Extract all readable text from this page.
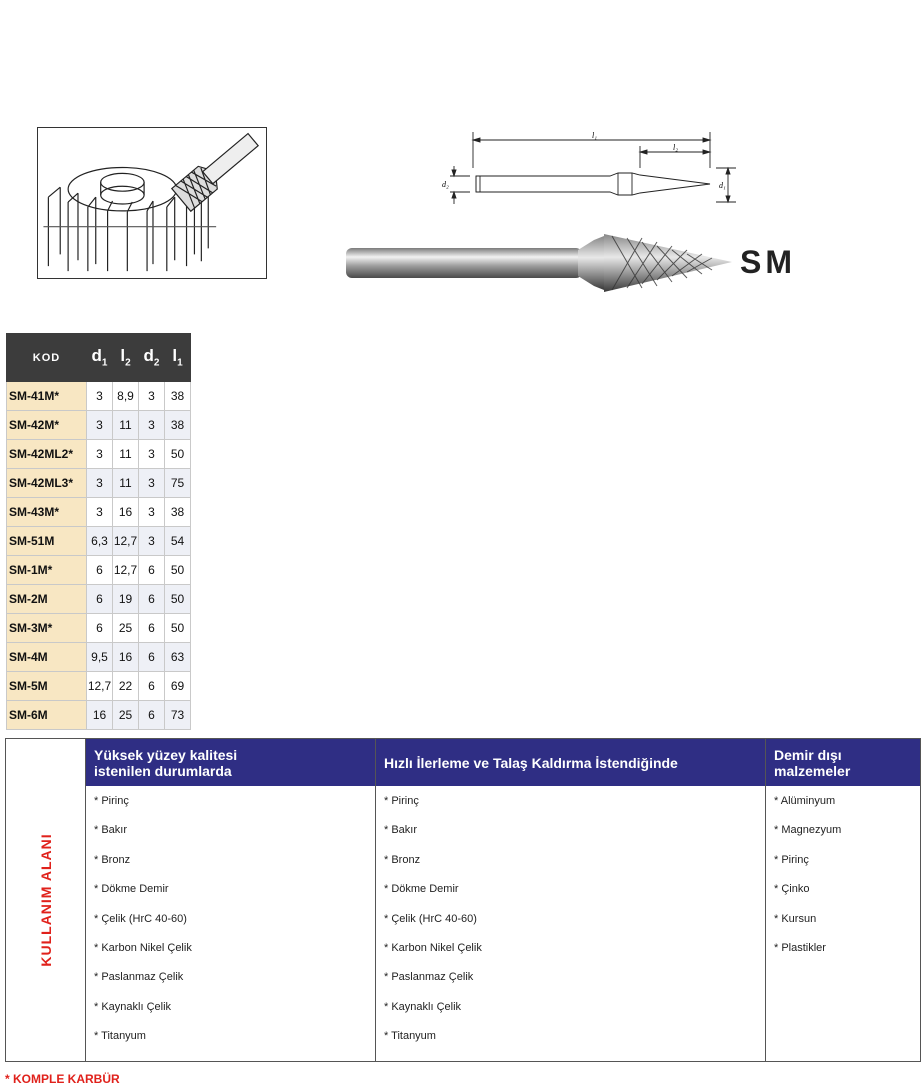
l₁
l₂
d₂	d₁
SM
KOD	$d_1$	$l_2$	$d_2$	$l_1$
SM-41M*	3	8,9	3	38
SM-42M*	3	11	3	38
SM-42ML2*	3	11	3	50
SM-42ML3*	3	11	3	75
SM-43M*	3	16	3	38
SM-51M	6,3	12,7	3	54
SM-1M*	6	12,7	6	50
SM-2M	6	19	6	50
SM-3M*	6	25	6	50
SM-4M	9,5	16	6	63
SM-5M	12,7	22	6	69
SM-6M	16	25	6	73
KULLANIM ALANI
Yüksek yüzey kalitesi
istenilen durumlarda
* Pirinç
* Bakır
* Bronz
* Dökme Demir
* Çelik (HrC 40-60)
* Karbon Nikel Çelik
* Paslanmaz Çelik
* Kaynaklı Çelik
* Titanyum
Hızlı İlerleme ve Talaş Kaldırma İstendiğinde
* Pirinç
* Bakır
* Bronz
* Dökme Demir
* Çelik (HrC 40-60)
* Karbon Nikel Çelik
* Paslanmaz Çelik
* Kaynaklı Çelik
* Titanyum
Demir dışı
malzemeler
* Alüminyum
* Magnezyum
* Pirinç
* Çinko
* Kursun
* Plastikler
* KOMPLE KARBÜR
